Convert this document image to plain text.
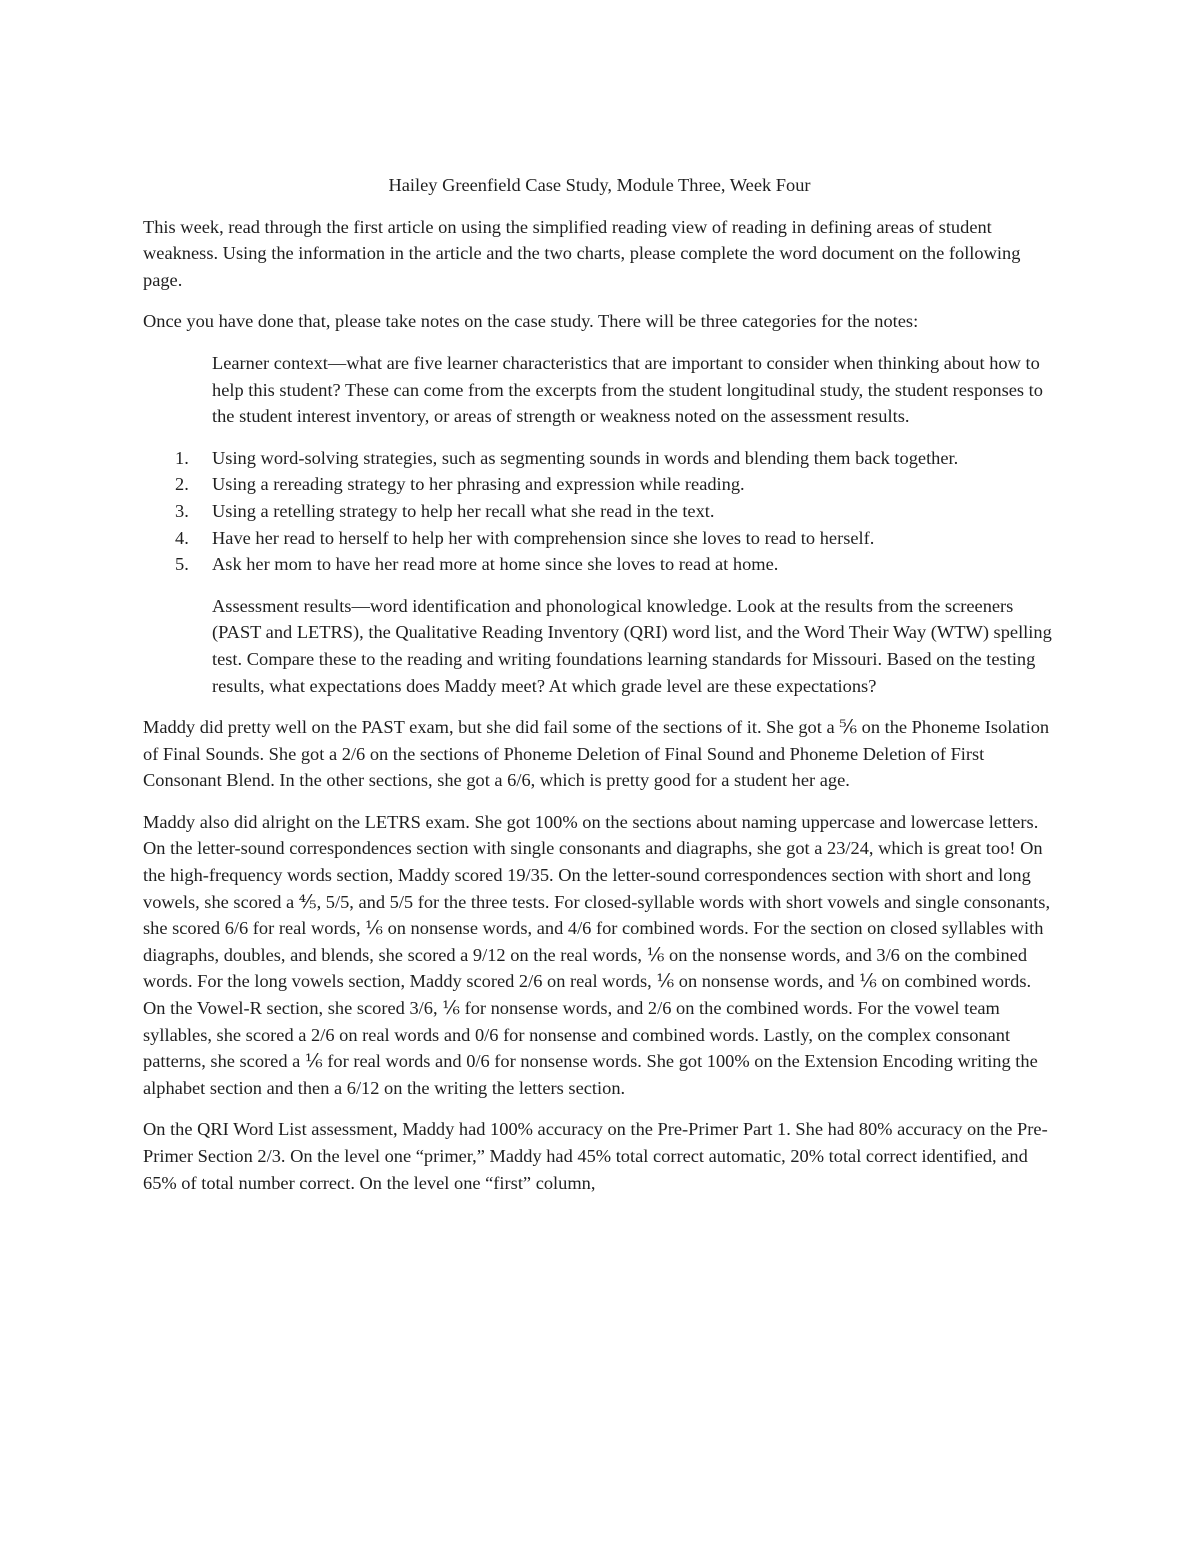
Hailey Greenfield Case Study, Module Three, Week Four

This week, read through the first article on using the simplified reading view of reading in defining areas of student weakness. Using the information in the article and the two charts, please complete the word document on the following page.

Once you have done that, please take notes on the case study. There will be three categories for the notes:

Learner context—what are five learner characteristics that are important to consider when thinking about how to help this student? These can come from the excerpts from the student longitudinal study, the student responses to the student interest inventory, or areas of strength or weakness noted on the assessment results.

1. Using word-solving strategies, such as segmenting sounds in words and blending them back together.
2. Using a rereading strategy to her phrasing and expression while reading.
3. Using a retelling strategy to help her recall what she read in the text.
4. Have her read to herself to help her with comprehension since she loves to read to herself.
5. Ask her mom to have her read more at home since she loves to read at home.

Assessment results—word identification and phonological knowledge. Look at the results from the screeners (PAST and LETRS), the Qualitative Reading Inventory (QRI) word list, and the Word Their Way (WTW) spelling test. Compare these to the reading and writing foundations learning standards for Missouri. Based on the testing results, what expectations does Maddy meet? At which grade level are these expectations?

Maddy did pretty well on the PAST exam, but she did fail some of the sections of it. She got a ⅚ on the Phoneme Isolation of Final Sounds. She got a 2/6 on the sections of Phoneme Deletion of Final Sound and Phoneme Deletion of First Consonant Blend. In the other sections, she got a 6/6, which is pretty good for a student her age.

Maddy also did alright on the LETRS exam. She got 100% on the sections about naming uppercase and lowercase letters. On the letter-sound correspondences section with single consonants and diagraphs, she got a 23/24, which is great too! On the high-frequency words section, Maddy scored 19/35. On the letter-sound correspondences section with short and long vowels, she scored a ⅘, 5/5, and 5/5 for the three tests. For closed-syllable words with short vowels and single consonants, she scored 6/6 for real words, ⅙ on nonsense words, and 4/6 for combined words. For the section on closed syllables with diagraphs, doubles, and blends, she scored a 9/12 on the real words, ⅙ on the nonsense words, and 3/6 on the combined words. For the long vowels section, Maddy scored 2/6 on real words, ⅙ on nonsense words, and ⅙ on combined words. On the Vowel-R section, she scored 3/6, ⅙ for nonsense words, and 2/6 on the combined words. For the vowel team syllables, she scored a 2/6 on real words and 0/6 for nonsense and combined words. Lastly, on the complex consonant patterns, she scored a ⅙ for real words and 0/6 for nonsense words. She got 100% on the Extension Encoding writing the alphabet section and then a 6/12 on the writing the letters section.

On the QRI Word List assessment, Maddy had 100% accuracy on the Pre-Primer Part 1. She had 80% accuracy on the Pre-Primer Section 2/3. On the level one “primer,” Maddy had 45% total correct automatic, 20% total correct identified, and 65% of total number correct. On the level one “first” column,
